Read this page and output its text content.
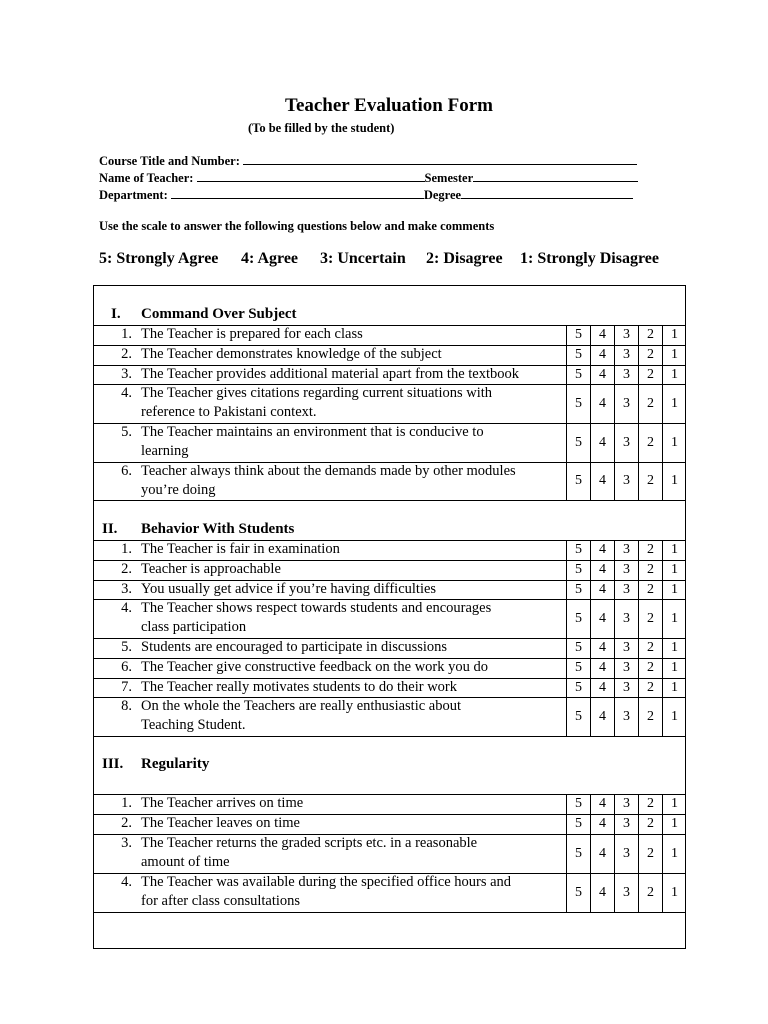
Teacher Evaluation Form
(To be filled by the student)
Course Title and Number:
Name of Teacher:	Semester
Department:	Degree
Use the scale to answer the following questions below and make comments
5: Strongly Agree 4: Agree 3: Uncertain 2: Disagree 1: Strongly Disagree
I. Command Over Subject
1. The Teacher is prepared for each class	5	4	3	2	1
2. The Teacher demonstrates knowledge of the subject	5	4	3	2	1
3. The Teacher provides additional material apart from the textbook	5	4	3	2	1
4. The Teacher gives citations regarding current situations with
reference to Pakistani context.
5	4	3	2	1
5. The Teacher maintains an environment that is conducive to
learning
5	4	3	2	1
6. Teacher always think about the demands made by other modules
you’re doing
5	4	3	2	1
II. Behavior With Students
1. The Teacher is fair in examination	5	4	3	2	1
2. Teacher is approachable	5	4	3	2	1
3. You usually get advice if you’re having difficulties	5	4	3	2	1
4. The Teacher shows respect towards students and encourages
class participation
5	4	3	2	1
5. Students are encouraged to participate in discussions	5	4	3	2	1
6. The Teacher give constructive feedback on the work you do	5	4	3	2	1
7. The Teacher really motivates students to do their work	5	4	3	2	1
8. On the whole the Teachers are really enthusiastic about
Teaching Student.
5	4	3	2	1
III. Regularity
1. The Teacher arrives on time	5	4	3	2	1
2. The Teacher leaves on time	5	4	3	2	1
3. The Teacher returns the graded scripts etc. in a reasonable
amount of time
5	4	3	2	1
4. The Teacher was available during the specified office hours and
for after class consultations
5	4	3	2	1
